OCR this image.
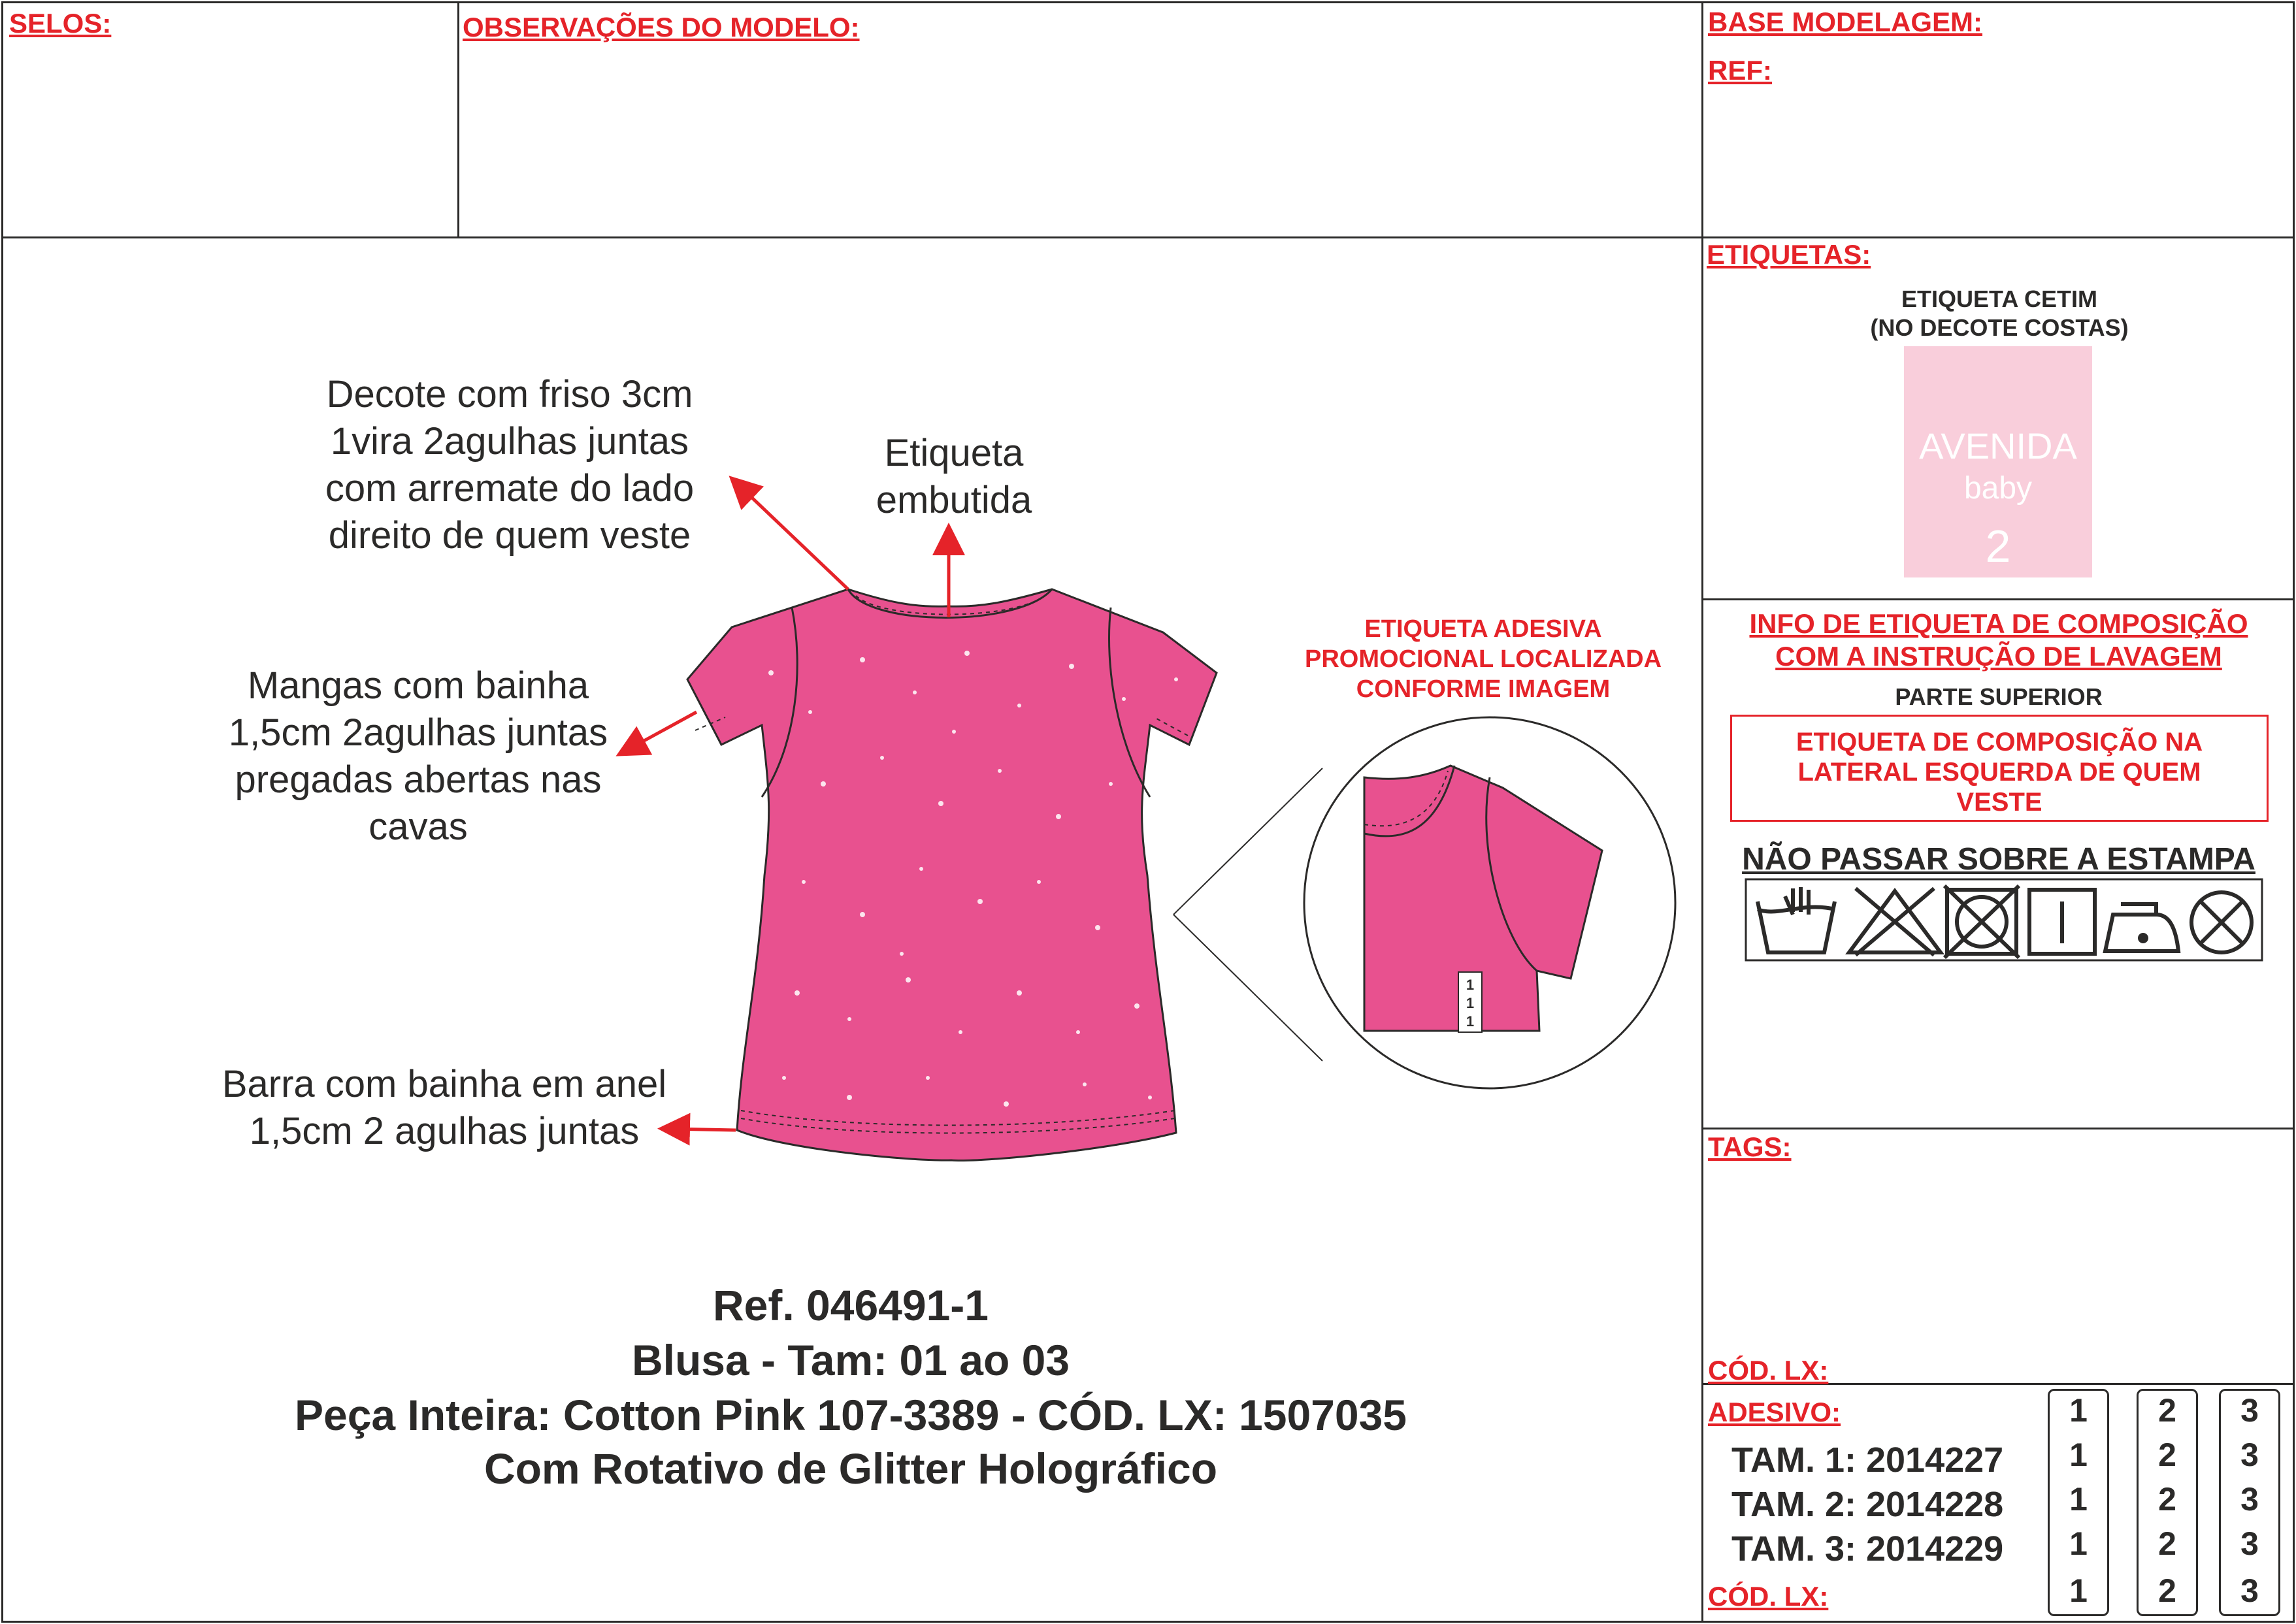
SELOS:	OBSERVAÇÕES DO MODELO:	BASE MODELAGEM:
REF:
Decote com friso 3cm
1vira 2agulhas juntas
com arremate do lado
direito de quem veste
Etiqueta
embutida
Mangas com bainha
1,5cm 2agulhas juntas
pregadas abertas nas
cavas
Barra com bainha em anel
1,5cm 2 agulhas juntas
ETIQUETA ADESIVA
PROMOCIONAL LOCALIZADA
CONFORME IMAGEM
1
1
1
Ref. 046491-1
Blusa - Tam: 01 ao 03
Peça Inteira: Cotton Pink 107-3389 - CÓD. LX: 1507035
Com Rotativo de Glitter Holográfico
ETIQUETAS:
ETIQUETA CETIM
(NO DECOTE COSTAS)
AVENIDA
baby
2
INFO DE ETIQUETA DE COMPOSIÇÃO
COM A INSTRUÇÃO DE LAVAGEM
PARTE SUPERIOR
ETIQUETA DE COMPOSIÇÃO NA
LATERAL ESQUERDA DE QUEM
VESTE
NÃO PASSAR SOBRE A ESTAMPA
TAGS:
CÓD. LX:
ADESIVO:
TAM. 1: 2014227
TAM. 2: 2014228
TAM. 3: 2014229
CÓD. LX:
1
1
1
1
1
2
2
2
2
2
3
3
3
3
3
